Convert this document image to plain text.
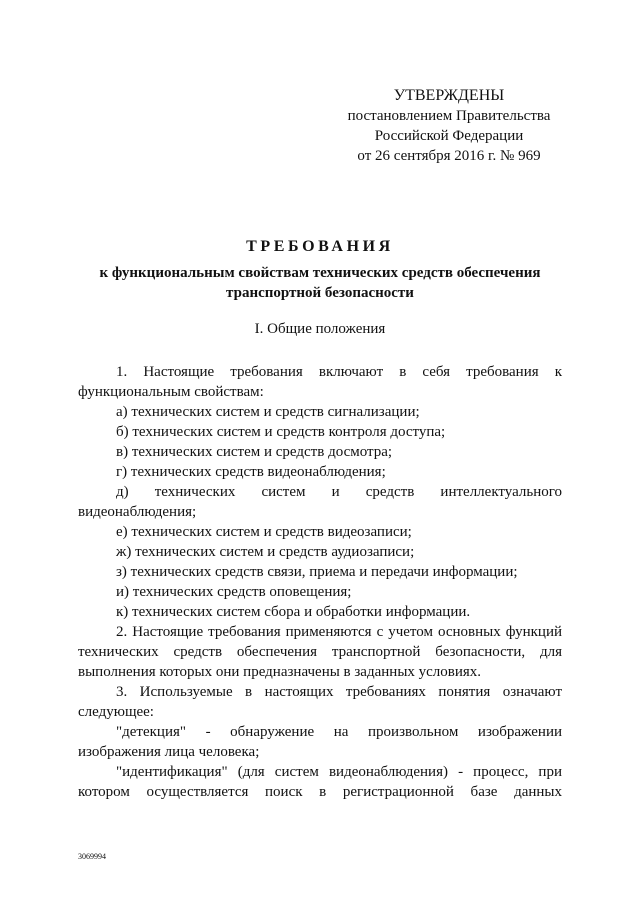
УТВЕРЖДЕНЫ
постановлением Правительства
Российской Федерации
от 26 сентября 2016 г. № 969
ТРЕБОВАНИЯ
к функциональным свойствам технических средств обеспечения
транспортной безопасности
I. Общие положения

1. Настоящие требования включают в себя требования к функциональным свойствам:

а) технических систем и средств сигнализации;

б) технических систем и средств контроля доступа;

в) технических систем и средств досмотра;

г) технических средств видеонаблюдения;

д) технических систем и средств интеллектуального видеонаблюдения;

е) технических систем и средств видеозаписи;

ж) технических систем и средств аудиозаписи;

з) технических средств связи, приема и передачи информации;

и) технических средств оповещения;

к) технических систем сбора и обработки информации.

2. Настоящие требования применяются с учетом основных функций технических средств обеспечения транспортной безопасности, для выполнения которых они предназначены в заданных условиях.

3. Используемые в настоящих требованиях понятия означают следующее:

"детекция" - обнаружение на произвольном изображении изображения лица человека;

"идентификация" (для систем видеонаблюдения) - процесс, при котором осуществляется поиск в регистрационной базе данных

3069994
